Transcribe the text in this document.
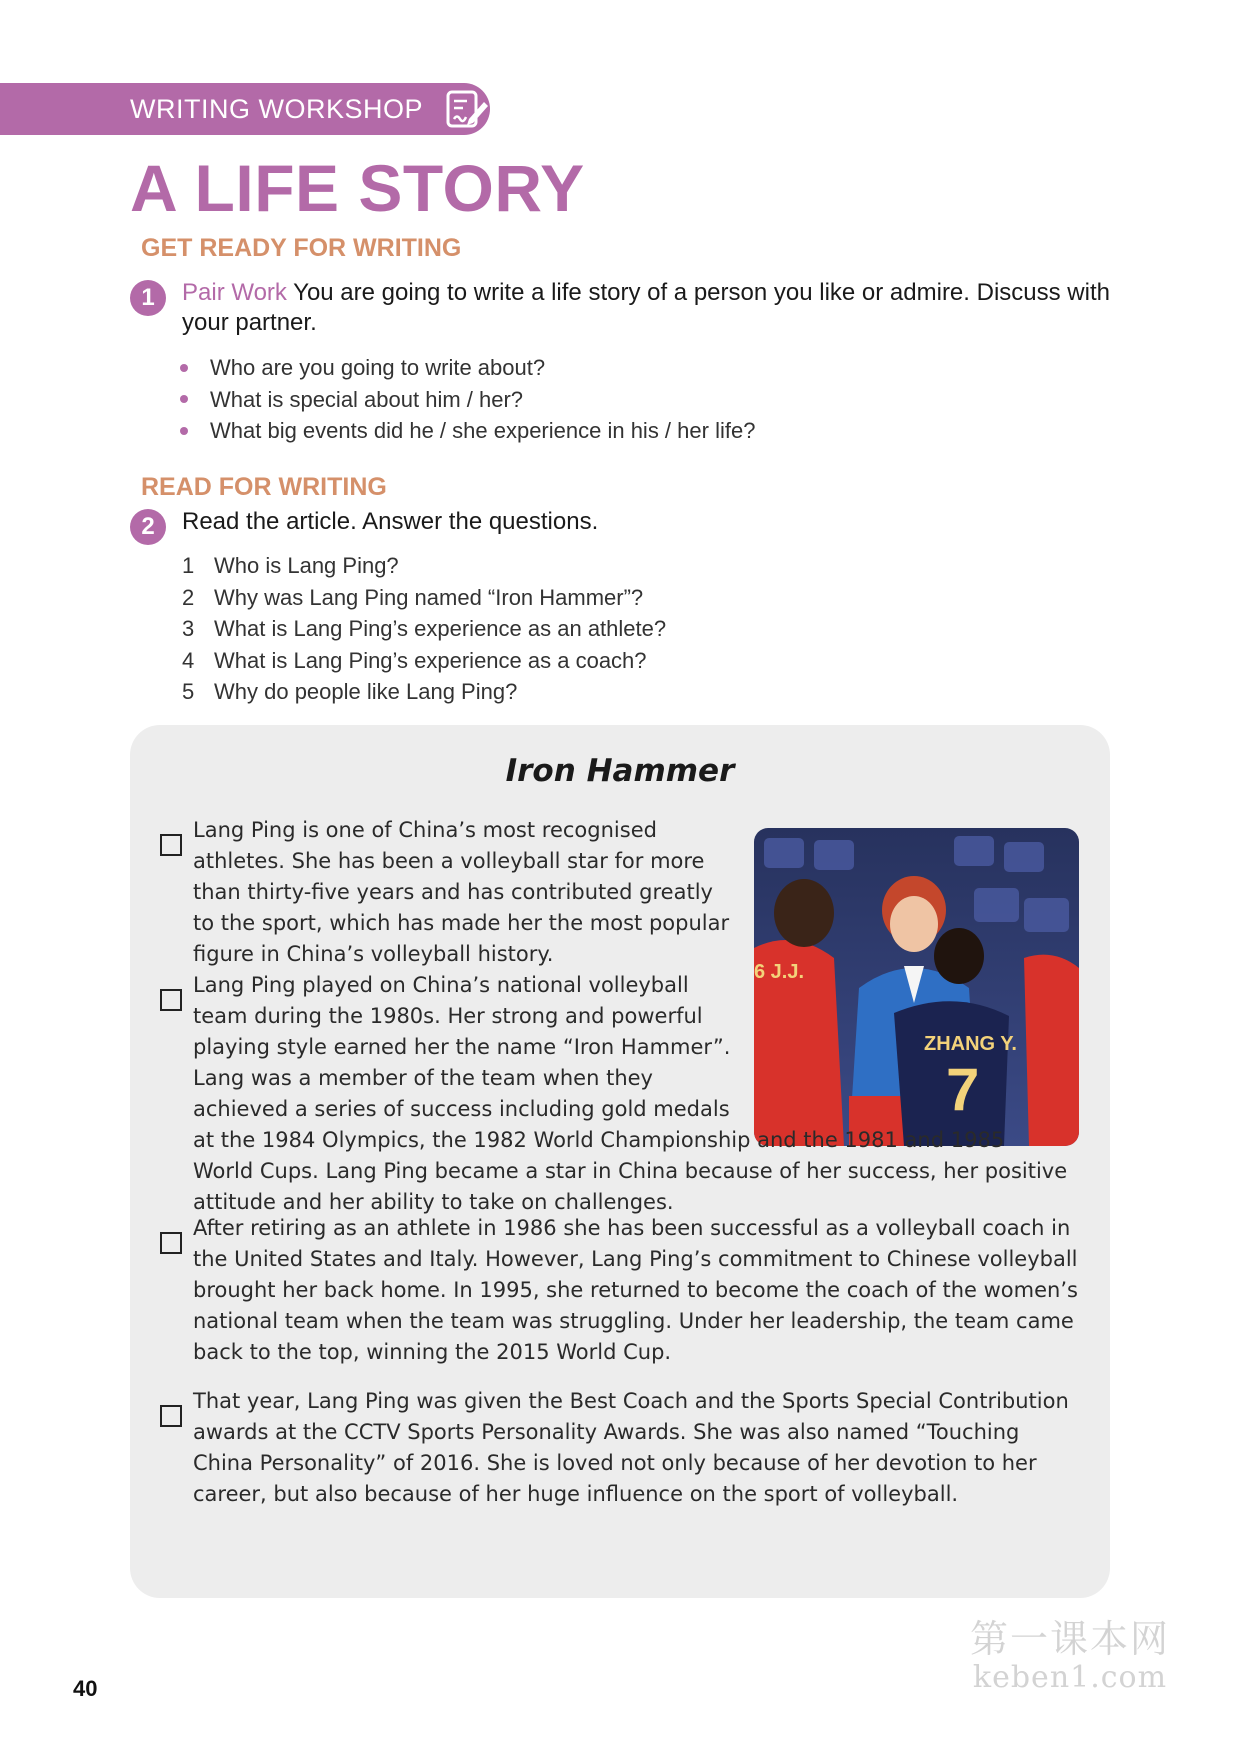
WRITING WORKSHOP
A LIFE STORY
GET READY FOR WRITING
1	Pair Work You are going to write a life story of a person you like or admire. Discuss with your partner.
Who are you going to write about?
What is special about him / her?
What big events did he / she experience in his / her life?
READ FOR WRITING
2	Read the article. Answer the questions.
1 Who is Lang Ping?
2 Why was Lang Ping named “Iron Hammer”?
3 What is Lang Ping’s experience as an athlete?
4 What is Lang Ping’s experience as a coach?
5 Why do people like Lang Ping?
Iron Hammer
ZHANG Y.
7
6 J.J.
Lang Ping is one of China’s most recognised
athletes. She has been a volleyball star for more
than thirty-five years and has contributed greatly
to the sport, which has made her the most popular
figure in China’s volleyball history.
Lang Ping played on China’s national volleyball
team during the 1980s. Her strong and powerful
playing style earned her the name “Iron Hammer”.
Lang was a member of the team when they
achieved a series of success including gold medals
at the 1984 Olympics, the 1982 World Championship and the 1981 and 1985
World Cups. Lang Ping became a star in China because of her success, her positive
attitude and her ability to take on challenges.
After retiring as an athlete in 1986 she has been successful as a volleyball coach in
the United States and Italy. However, Lang Ping’s commitment to Chinese volleyball
brought her back home. In 1995, she returned to become the coach of the women’s
national team when the team was struggling. Under her leadership, the team came
back to the top, winning the 2015 World Cup.
That year, Lang Ping was given the Best Coach and the Sports Special Contribution
awards at the CCTV Sports Personality Awards. She was also named “Touching
China Personality” of 2016. She is loved not only because of her devotion to her
career, but also because of her huge influence on the sport of volleyball.
40
第一课本网
keben1.com
